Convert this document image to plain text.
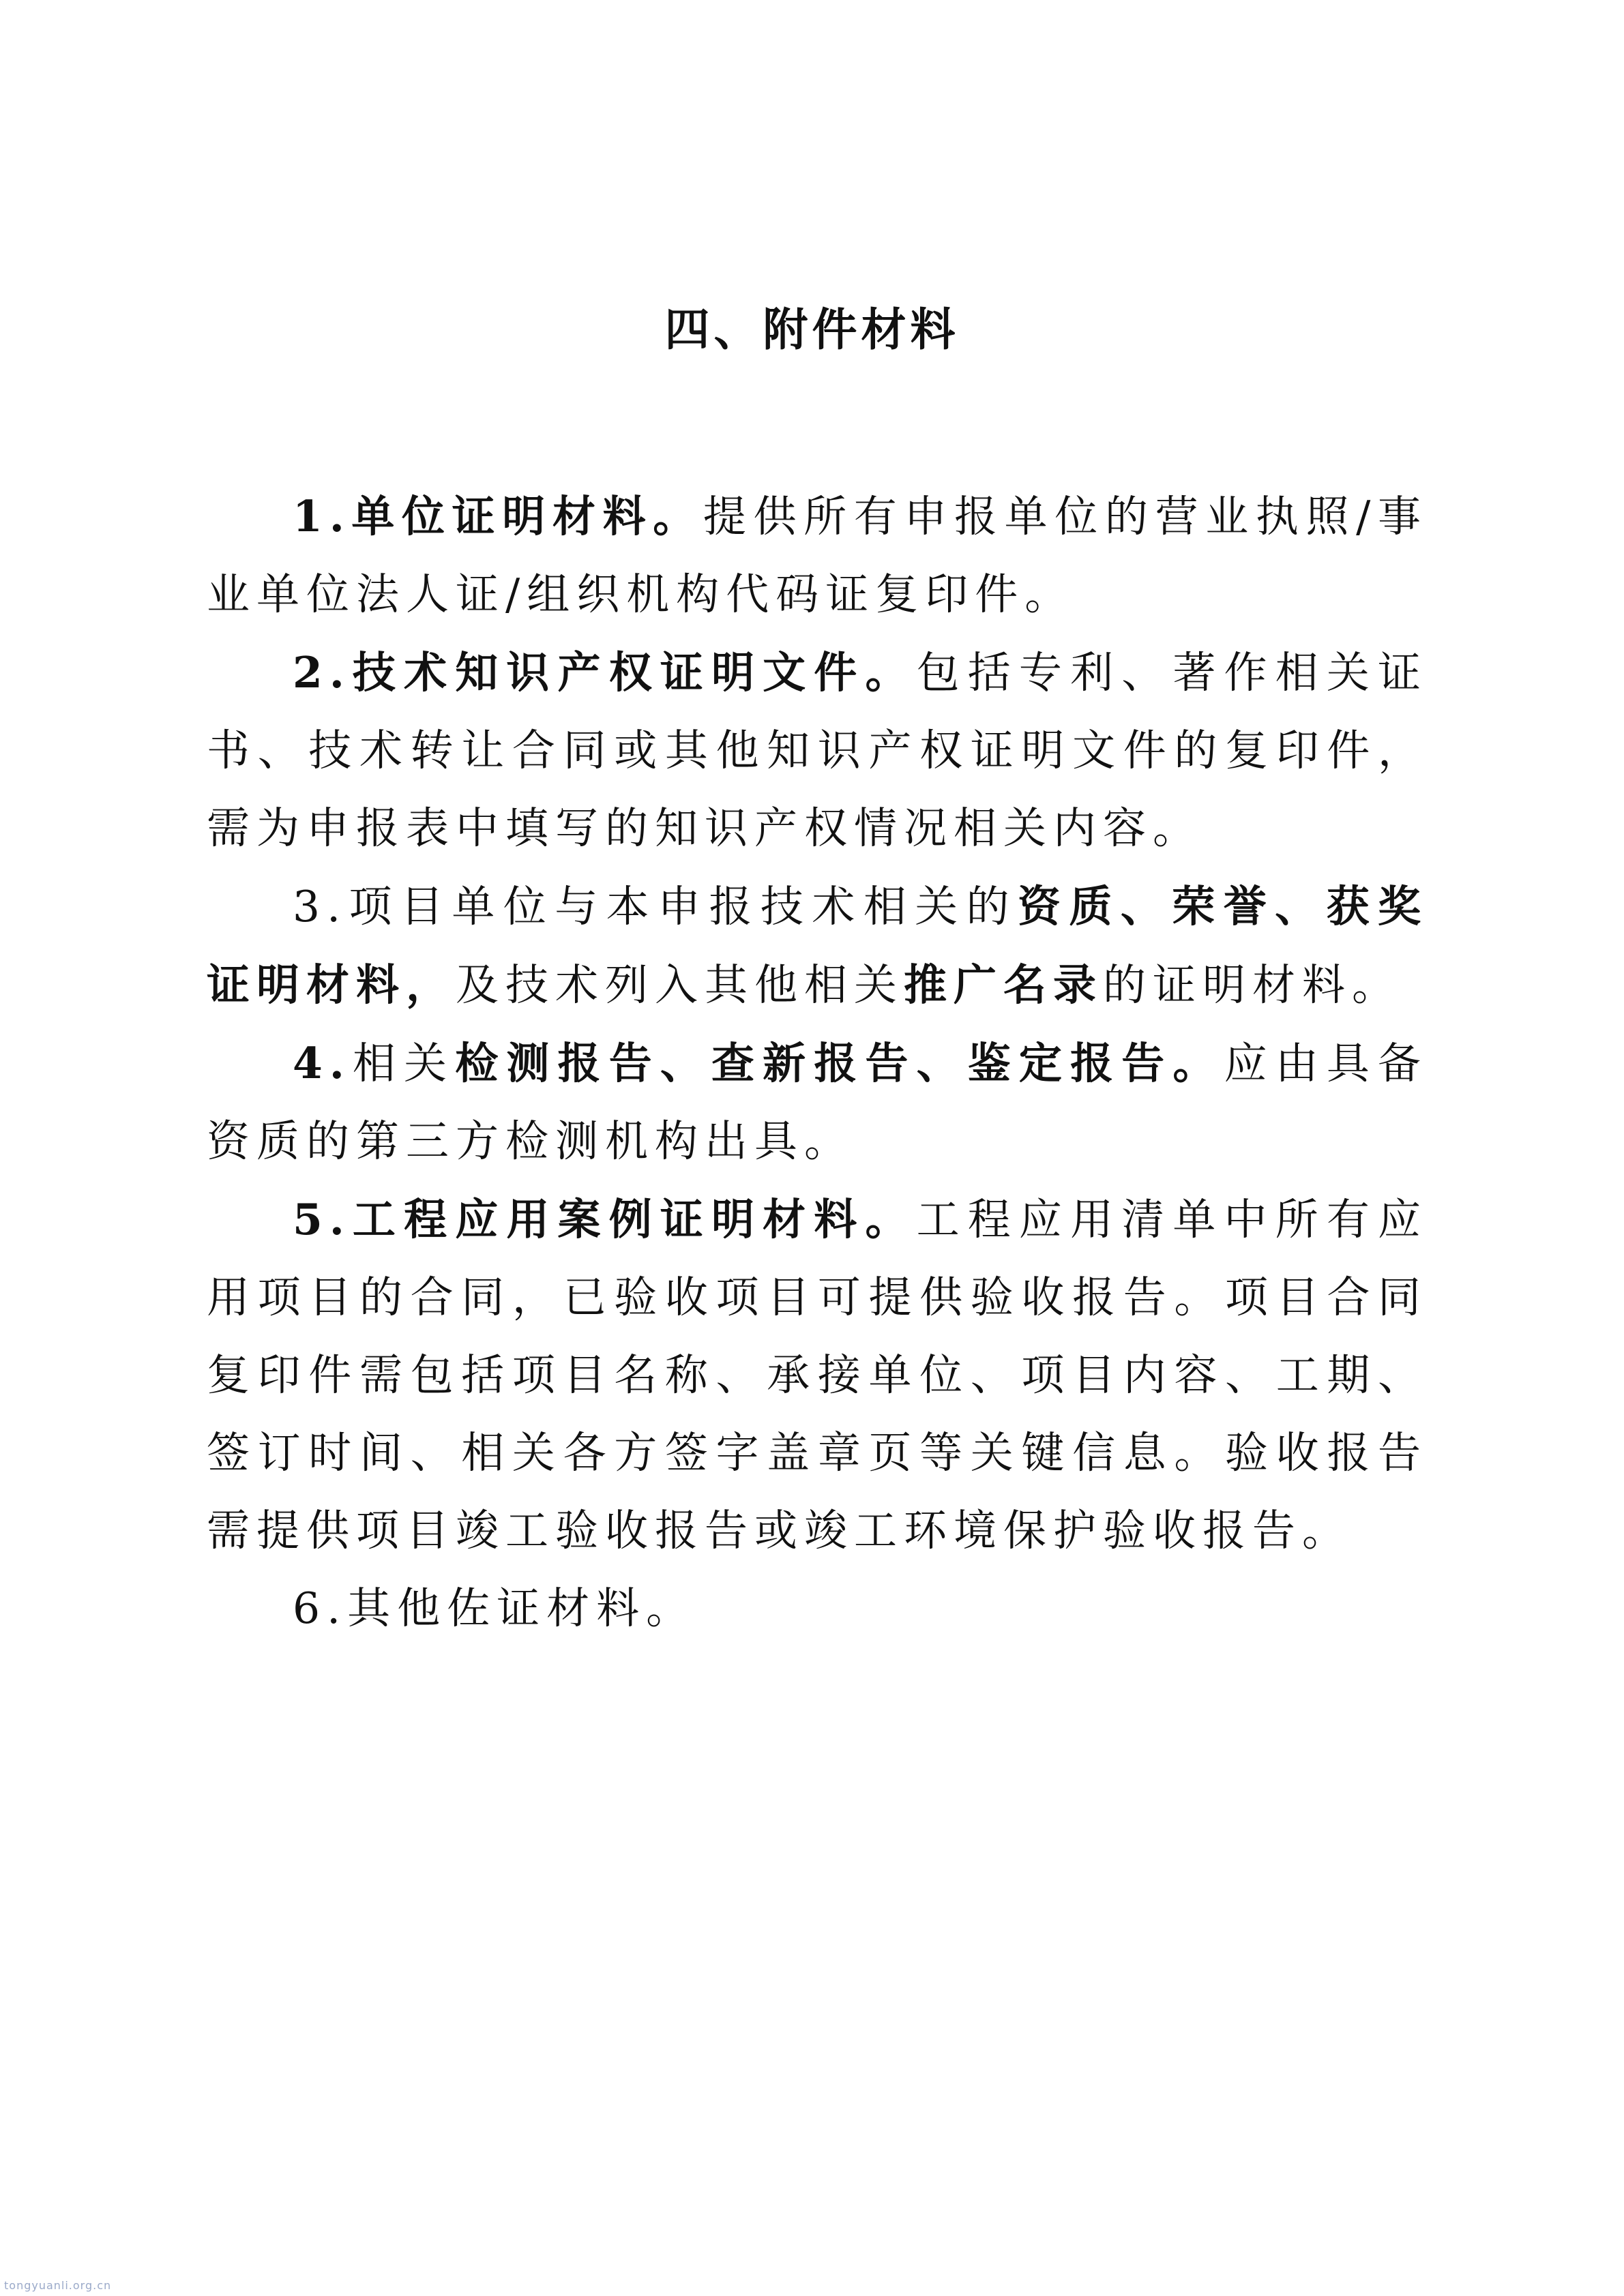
四、附件材料

1.单位证明材料。提供所有申报单位的营业执照/事业单位法人证/组织机构代码证复印件。

2.技术知识产权证明文件。包括专利、著作相关证书、技术转让合同或其他知识产权证明文件的复印件，需为申报表中填写的知识产权情况相关内容。

3.项目单位与本申报技术相关的资质、荣誉、获奖证明材料，及技术列入其他相关推广名录的证明材料。

4.相关检测报告、查新报告、鉴定报告。应由具备资质的第三方检测机构出具。

5.工程应用案例证明材料。工程应用清单中所有应用项目的合同，已验收项目可提供验收报告。项目合同复印件需包括项目名称、承接单位、项目内容、工期、签订时间、相关各方签字盖章页等关键信息。验收报告需提供项目竣工验收报告或竣工环境保护验收报告。

6.其他佐证材料。

tongyuanli.org.cn
